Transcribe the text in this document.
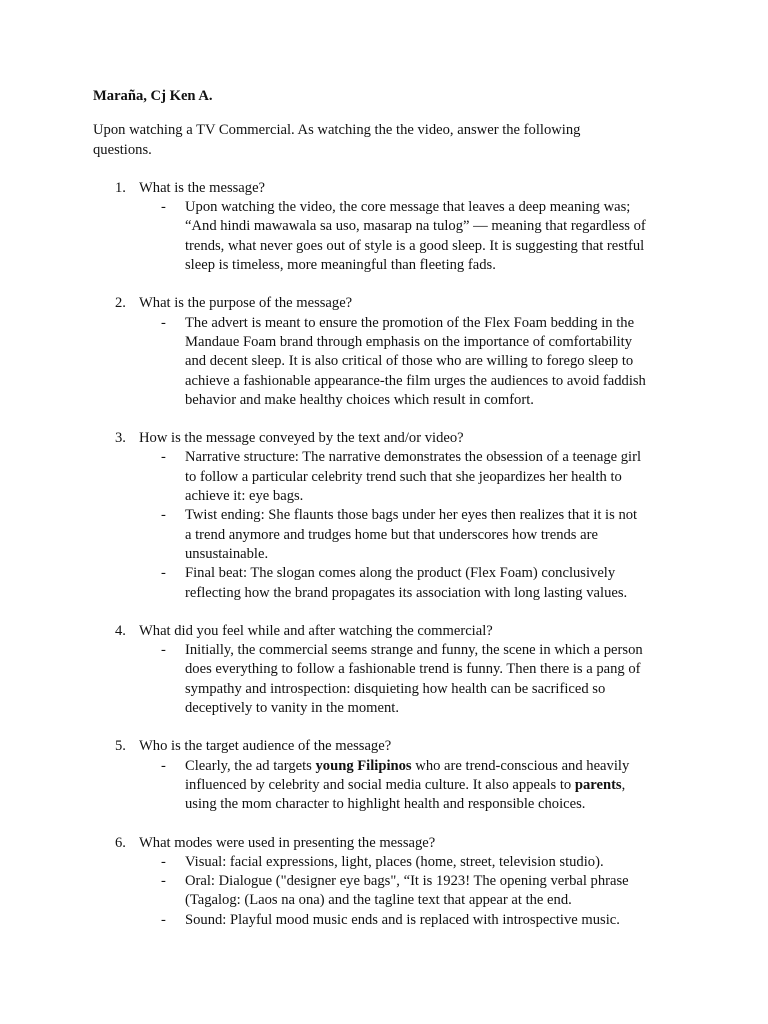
Maraña, Cj Ken A.

Upon watching a TV Commercial. As watching the the video, answer the following
questions.

1. What is the message?
- Upon watching the video, the core message that leaves a deep meaning was;
“And hindi mawawala sa uso, masarap na tulog” — meaning that regardless of
trends, what never goes out of style is a good sleep. It is suggesting that restful
sleep is timeless, more meaningful than fleeting fads.
2. What is the purpose of the message?
- The advert is meant to ensure the promotion of the Flex Foam bedding in the
Mandaue Foam brand through emphasis on the importance of comfortability
and decent sleep. It is also critical of those who are willing to forego sleep to
achieve a fashionable appearance-the film urges the audiences to avoid faddish
behavior and make healthy choices which result in comfort.
3. How is the message conveyed by the text and/or video?
- Narrative structure: The narrative demonstrates the obsession of a teenage girl
to follow a particular celebrity trend such that she jeopardizes her health to
achieve it: eye bags.
- Twist ending: She flaunts those bags under her eyes then realizes that it is not
a trend anymore and trudges home but that underscores how trends are
unsustainable.
- Final beat: The slogan comes along the product (Flex Foam) conclusively
reflecting how the brand propagates its association with long lasting values.
4. What did you feel while and after watching the commercial?
- Initially, the commercial seems strange and funny, the scene in which a person
does everything to follow a fashionable trend is funny. Then there is a pang of
sympathy and introspection: disquieting how health can be sacrificed so
deceptively to vanity in the moment.
5. Who is the target audience of the message?
- Clearly, the ad targets young Filipinos who are trend-conscious and heavily
influenced by celebrity and social media culture. It also appeals to parents,
using the mom character to highlight health and responsible choices.
6. What modes were used in presenting the message?
- Visual: facial expressions, light, places (home, street, television studio).
- Oral: Dialogue ("designer eye bags", “It is 1923! The opening verbal phrase
(Tagalog: (Laos na ona) and the tagline text that appear at the end.
- Sound: Playful mood music ends and is replaced with introspective music.
